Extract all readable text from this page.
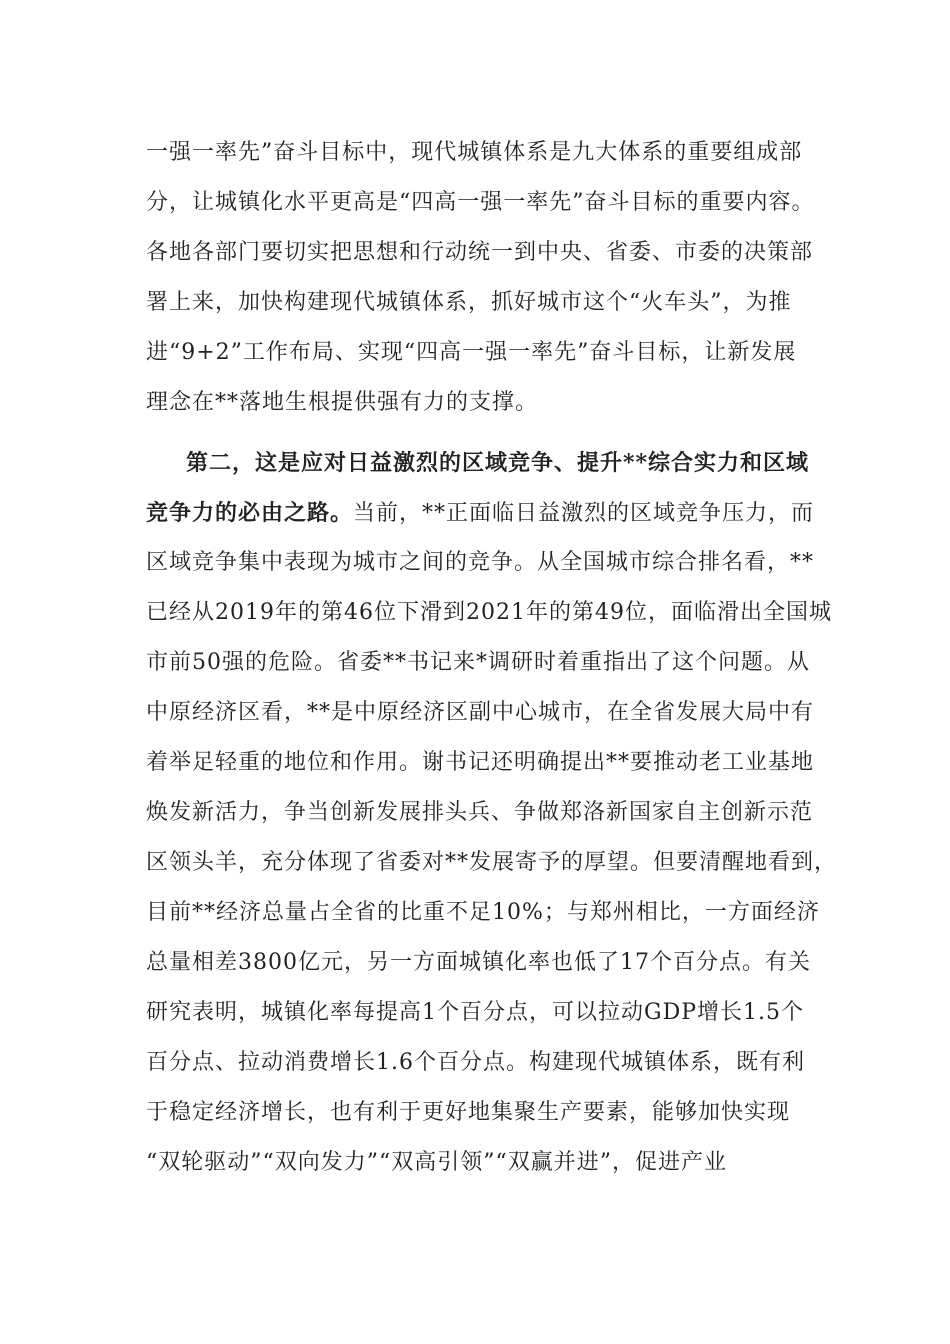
一强一率先”奋斗目标中，现代城镇体系是九大体系的重要组成部
分，让城镇化水平更高是“四高一强一率先”奋斗目标的重要内容。
各地各部门要切实把思想和行动统一到中央、省委、市委的决策部
署上来，加快构建现代城镇体系，抓好城市这个“火车头”，为推
进“9+2”工作布局、实现“四高一强一率先”奋斗目标，让新发展
理念在**落地生根提供强有力的支撑。
第二，这是应对日益激烈的区域竞争、提升**综合实力和区域
竞争力的必由之路。当前，**正面临日益激烈的区域竞争压力，而
区域竞争集中表现为城市之间的竞争。从全国城市综合排名看，**
已经从2019年的第46位下滑到2021年的第49位，面临滑出全国城
市前50强的危险。省委**书记来*调研时着重指出了这个问题。从
中原经济区看，**是中原经济区副中心城市，在全省发展大局中有
着举足轻重的地位和作用。谢书记还明确提出**要推动老工业基地
焕发新活力，争当创新发展排头兵、争做郑洛新国家自主创新示范
区领头羊，充分体现了省委对**发展寄予的厚望。但要清醒地看到，
目前**经济总量占全省的比重不足10%；与郑州相比，一方面经济
总量相差3800亿元，另一方面城镇化率也低了17个百分点。有关
研究表明，城镇化率每提高1个百分点，可以拉动GDP增长1.5个
百分点、拉动消费增长1.6个百分点。构建现代城镇体系，既有利
于稳定经济增长，也有利于更好地集聚生产要素，能够加快实现
“双轮驱动”“双向发力”“双高引领”“双赢并进”，促进产业
